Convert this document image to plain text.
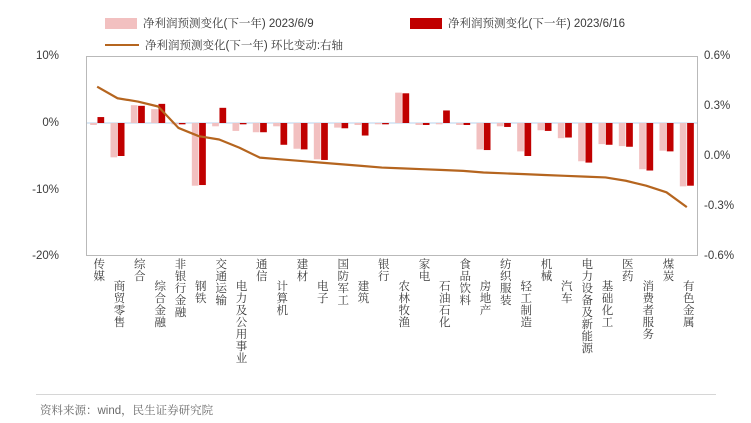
净利润预测变化(下一年) 2023/6/9	净利润预测变化(下一年) 2023/6/16
净利润预测变化(下一年) 环比变动:右轴
10%
0%
-10%
-20%
0.6%
0.3%
0.0%
-0.3%
-0.6%
传媒
商贸零售
综合
综合金融 非银行金融 钢铁 交通运输 电力及公用事业
通信
计算机
建材
电子 国防军工 建筑
银行
农林牧渔
家电
石油石化 食品饮料 房地产 纺织服装 轻工制造
机械
汽车 电力设备及新能源 基础化工
医药
消费者服务
煤炭
有色金属
资料来源：wind，民生证券研究院
